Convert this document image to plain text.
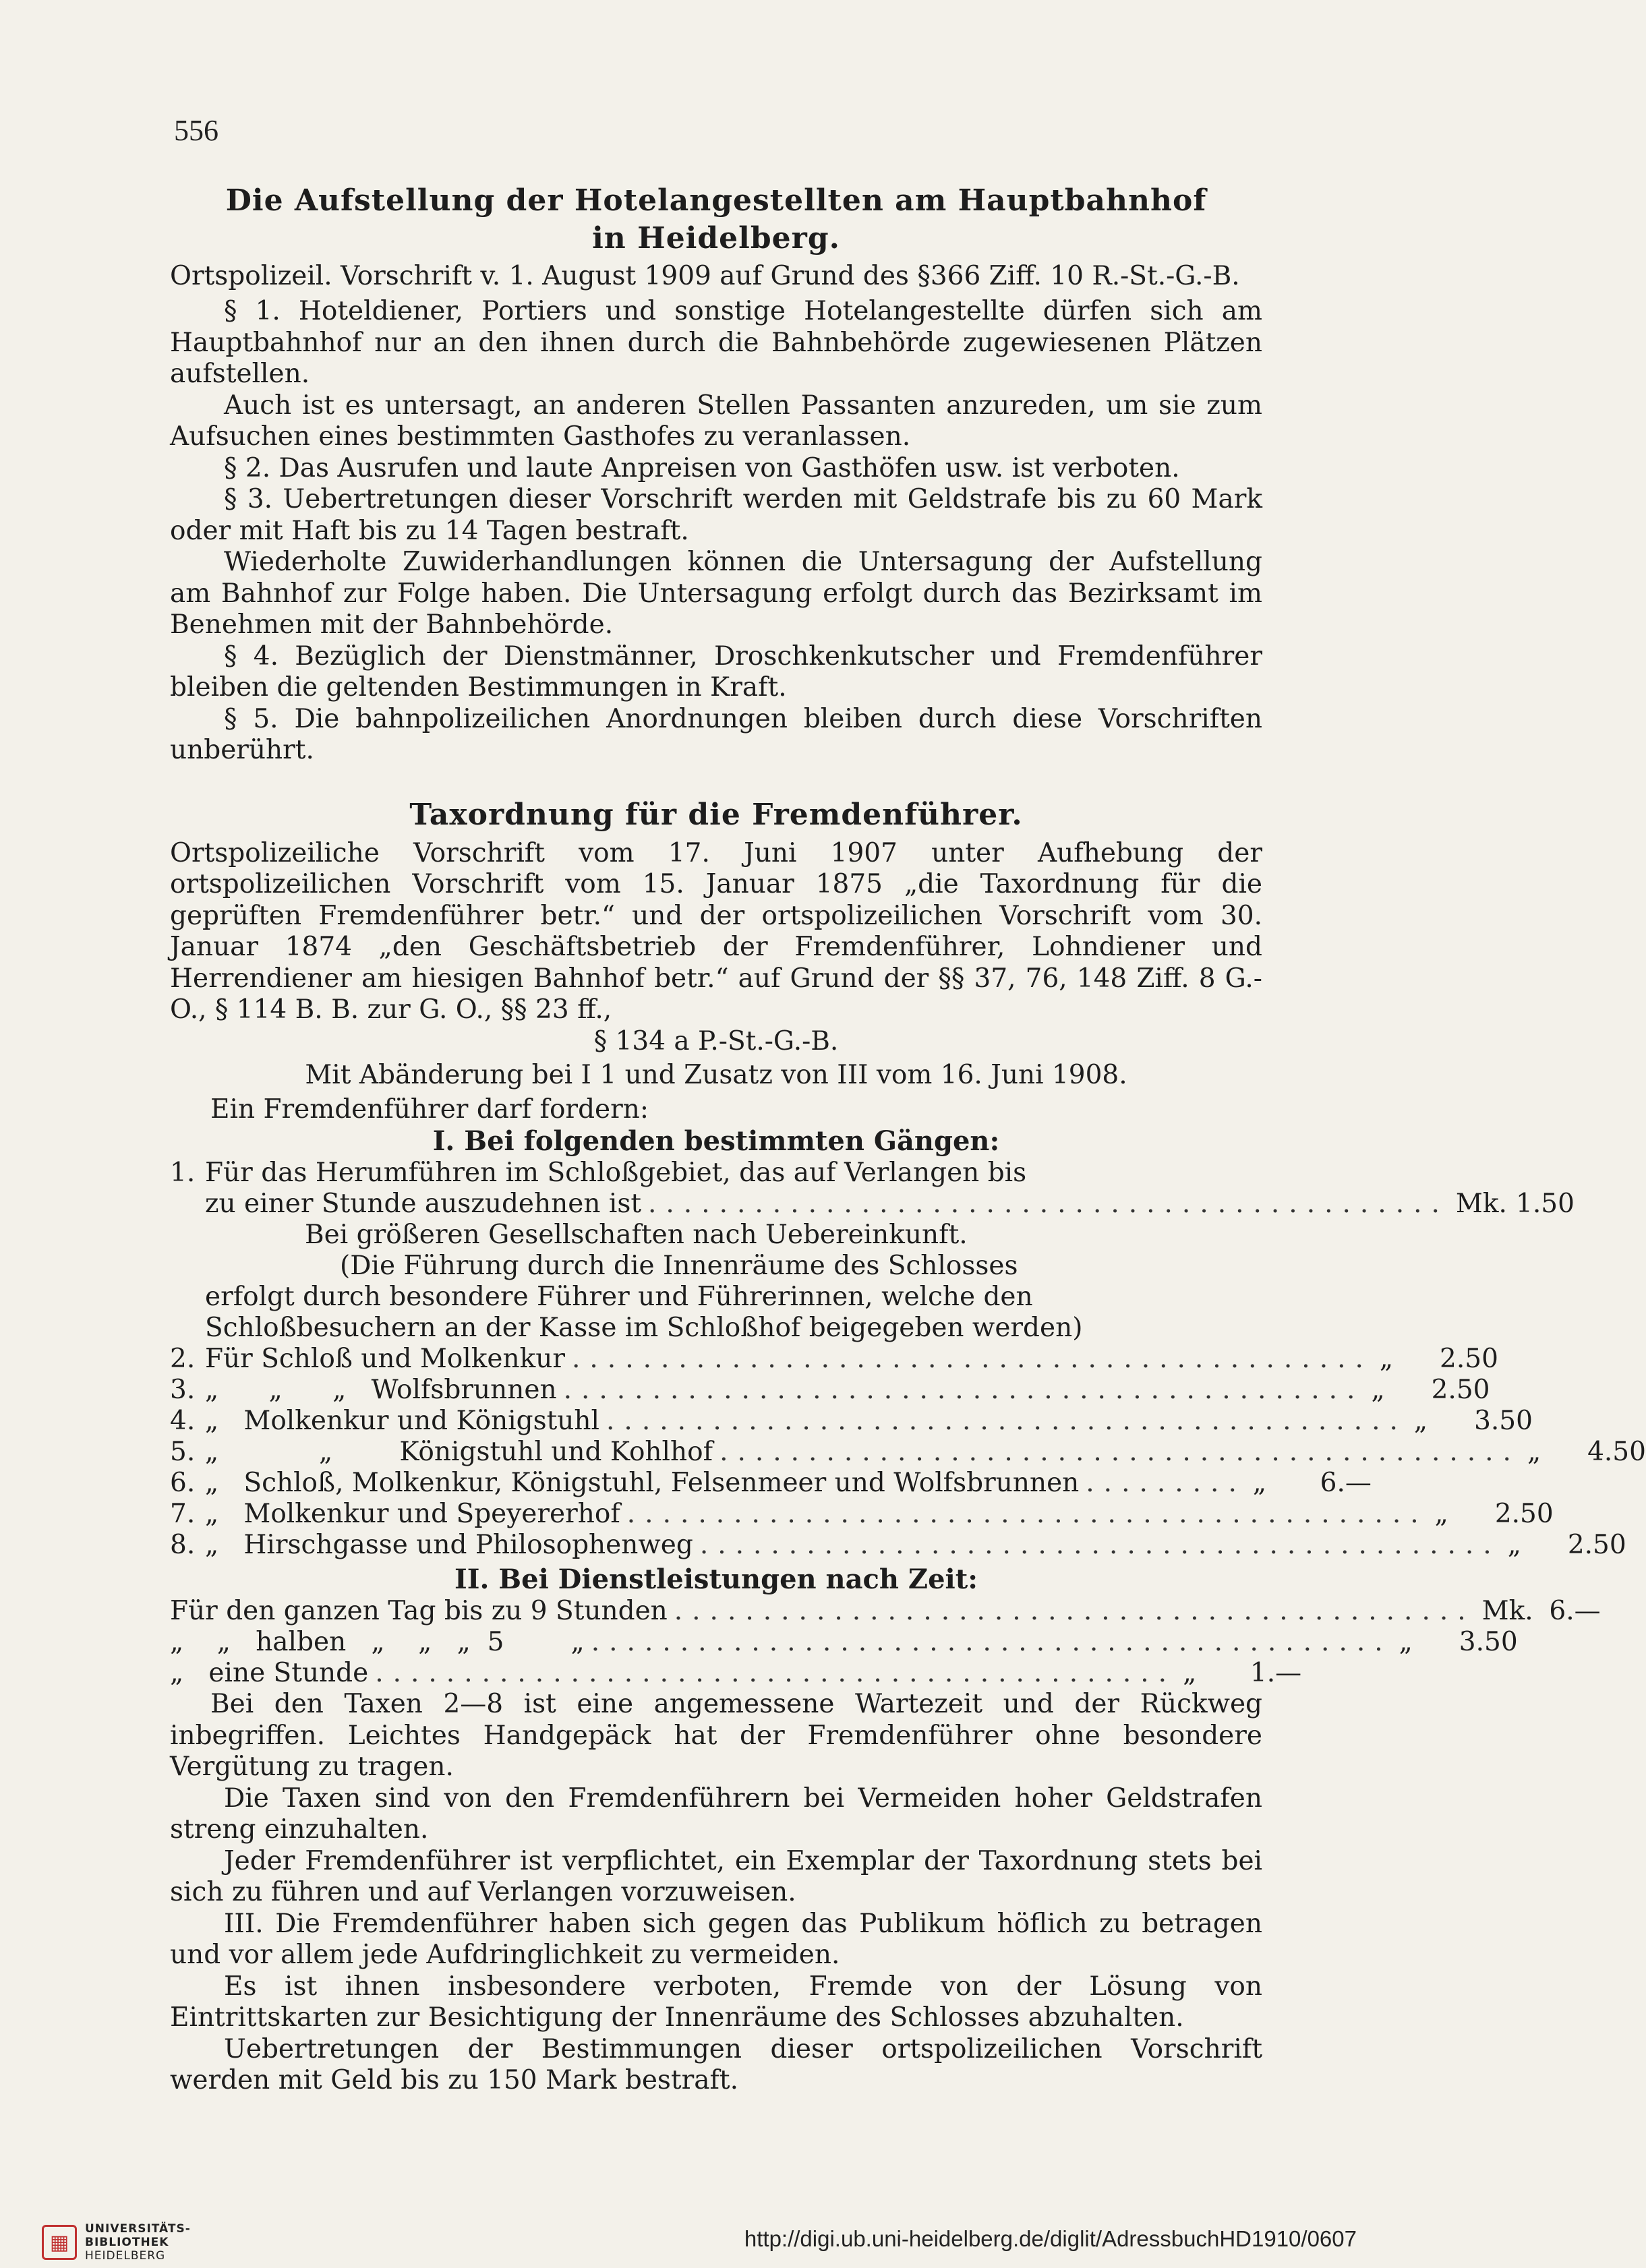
556

Die Aufstellung der Hotelangestellten am Hauptbahnhof

in Heidelberg.

Ortspolizeil. Vorschrift v. 1. August 1909 auf Grund des §366 Ziff. 10 R.-St.-G.-B.

§ 1. Hoteldiener, Portiers und sonstige Hotelangestellte dürfen sich am Hauptbahnhof nur an den ihnen durch die Bahnbehörde zugewiesenen Plätzen aufstellen.

Auch ist es untersagt, an anderen Stellen Passanten anzureden, um sie zum Aufsuchen eines bestimmten Gasthofes zu veranlassen.

§ 2. Das Ausrufen und laute Anpreisen von Gasthöfen usw. ist verboten.

§ 3. Uebertretungen dieser Vorschrift werden mit Geldstrafe bis zu 60 Mark oder mit Haft bis zu 14 Tagen bestraft.

Wiederholte Zuwiderhandlungen können die Untersagung der Aufstellung am Bahnhof zur Folge haben. Die Untersagung erfolgt durch das Bezirksamt im Benehmen mit der Bahnbehörde.

§ 4. Bezüglich der Dienstmänner, Droschkenkutscher und Fremdenführer bleiben die geltenden Bestimmungen in Kraft.

§ 5. Die bahnpolizeilichen Anordnungen bleiben durch diese Vorschriften unberührt.

Taxordnung für die Fremdenführer.

Ortspolizeiliche Vorschrift vom 17. Juni 1907 unter Aufhebung der ortspolizeilichen Vorschrift vom 15. Januar 1875 „die Taxordnung für die geprüften Fremdenführer betr.“ und der ortspolizeilichen Vorschrift vom 30. Januar 1874 „den Geschäftsbetrieb der Fremdenführer, Lohndiener und Herrendiener am hiesigen Bahnhof betr.“ auf Grund der §§ 37, 76, 148 Ziff. 8 G.-O., § 114 B. B. zur G. O., §§ 23 ff.,

§ 134 a P.-St.-G.-B.

Mit Abänderung bei I 1 und Zusatz von III vom 16. Juni 1908.

Ein Fremdenführer darf fordern:

I. Bei folgenden bestimmten Gängen:

1. Für das Herumführen im Schloßgebiet, das auf Verlangen bis
zu einer Stunde auszudehnen ist ............................................. Mk. 1.50

Bei größeren Gesellschaften nach Uebereinkunft.

(Die Führung durch die Innenräume des Schlosses erfolgt durch besondere Führer und Führerinnen, welche den Schloßbesuchern an der Kasse im Schloßhof beigegeben werden)

2. Für Schloß und Molkenkur ............................................. „	2.50
3. „      „      „   Wolfsbrunnen ............................................. „	2.50
4. „   Molkenkur und Königstuhl ............................................. „	3.50
5. „            „        Königstuhl und Kohlhof ............................................. „	4.50
6. „   Schloß, Molkenkur, Königstuhl, Felsenmeer und Wolfsbrunnen ......... „	6.—
7. „   Molkenkur und Speyererhof ............................................. „	2.50
8. „   Hirschgasse und Philosophenweg ............................................. „	2.50

II. Bei Dienstleistungen nach Zeit:

Für den ganzen Tag bis zu 9 Stunden ............................................. Mk. 6.—
„    „   halben   „    „   „  5        „ ............................................. „	3.50
„   eine Stunde ............................................. „	1.—

Bei den Taxen 2—8 ist eine angemessene Wartezeit und der Rückweg inbegriffen. Leichtes Handgepäck hat der Fremdenführer ohne besondere Vergütung zu tragen.

Die Taxen sind von den Fremdenführern bei Vermeiden hoher Geldstrafen streng einzuhalten.

Jeder Fremdenführer ist verpflichtet, ein Exemplar der Taxordnung stets bei sich zu führen und auf Verlangen vorzuweisen.

III. Die Fremdenführer haben sich gegen das Publikum höflich zu betragen und vor allem jede Aufdringlichkeit zu vermeiden.

Es ist ihnen insbesondere verboten, Fremde von der Lösung von Eintrittskarten zur Besichtigung der Innenräume des Schlosses abzuhalten.

Uebertretungen der Bestimmungen dieser ortspolizeilichen Vorschrift werden mit Geld bis zu 150 Mark bestraft.

▦
UNIVERSITÄTS-
BIBLIOTHEK
HEIDELBERG
http://digi.ub.uni-heidelberg.de/diglit/AdressbuchHD1910/0607
